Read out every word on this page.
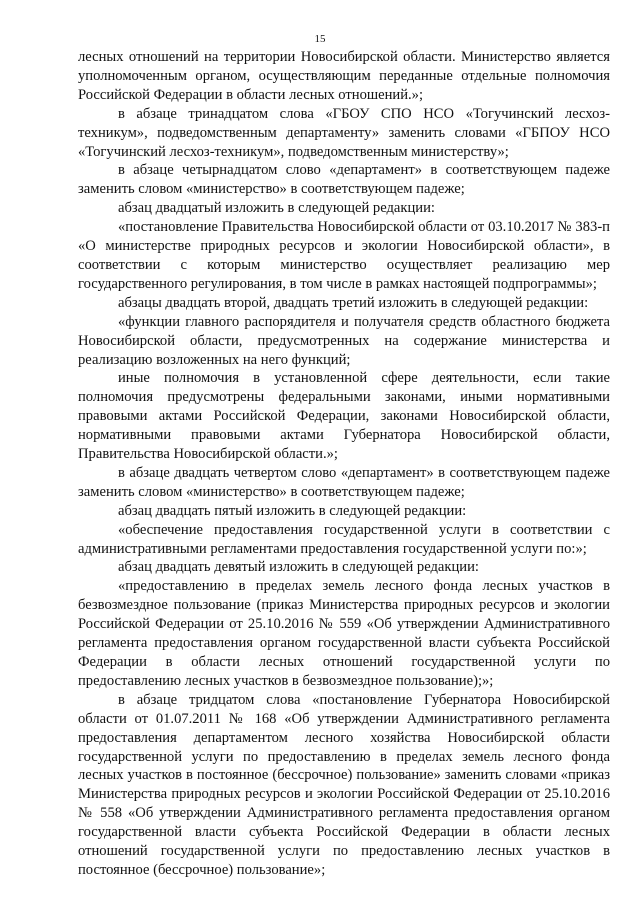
15

лесных отношений на территории Новосибирской области. Министерство является уполномоченным органом, осуществляющим переданные отдельные полномочия Российской Федерации в области лесных отношений.»;

в абзаце тринадцатом слова «ГБОУ СПО НСО «Тогучинский лесхоз-техникум», подведомственным департаменту» заменить словами «ГБПОУ НСО «Тогучинский лесхоз-техникум», подведомственным министерству»;

в абзаце четырнадцатом слово «департамент» в соответствующем падеже заменить словом «министерство» в соответствующем падеже;

абзац двадцатый изложить в следующей редакции:

«постановление Правительства Новосибирской области от 03.10.2017 № 383-п «О министерстве природных ресурсов и экологии Новосибирской области», в соответствии с которым министерство осуществляет реализацию мер государственного регулирования, в том числе в рамках настоящей подпрограммы»;

абзацы двадцать второй, двадцать третий изложить в следующей редакции:

«функции главного распорядителя и получателя средств областного бюджета Новосибирской области, предусмотренных на содержание министерства и реализацию возложенных на него функций;

иные полномочия в установленной сфере деятельности, если такие полномочия предусмотрены федеральными законами, иными нормативными правовыми актами Российской Федерации, законами Новосибирской области, нормативными правовыми актами Губернатора Новосибирской области, Правительства Новосибирской области.»;

в абзаце двадцать четвертом слово «департамент» в соответствующем падеже заменить словом «министерство» в соответствующем падеже;

абзац двадцать пятый изложить в следующей редакции:

«обеспечение предоставления государственной услуги в соответствии с административными регламентами предоставления государственной услуги по:»;

абзац двадцать девятый изложить в следующей редакции:

«предоставлению в пределах земель лесного фонда лесных участков в безвозмездное пользование (приказ Министерства природных ресурсов и экологии Российской Федерации от 25.10.2016 № 559 «Об утверждении Административного регламента предоставления органом государственной власти субъекта Российской Федерации в области лесных отношений государственной услуги по предоставлению лесных участков в безвозмездное пользование);»;

в абзаце тридцатом слова «постановление Губернатора Новосибирской области от 01.07.2011 № 168 «Об утверждении Административного регламента предоставления департаментом лесного хозяйства Новосибирской области государственной услуги по предоставлению в пределах земель лесного фонда лесных участков в постоянное (бессрочное) пользование» заменить словами «приказ Министерства природных ресурсов и экологии Российской Федерации от 25.10.2016 № 558 «Об утверждении Административного регламента предоставления органом государственной власти субъекта Российской Федерации в области лесных отношений государственной услуги по предоставлению лесных участков в постоянное (бессрочное) пользование»;
